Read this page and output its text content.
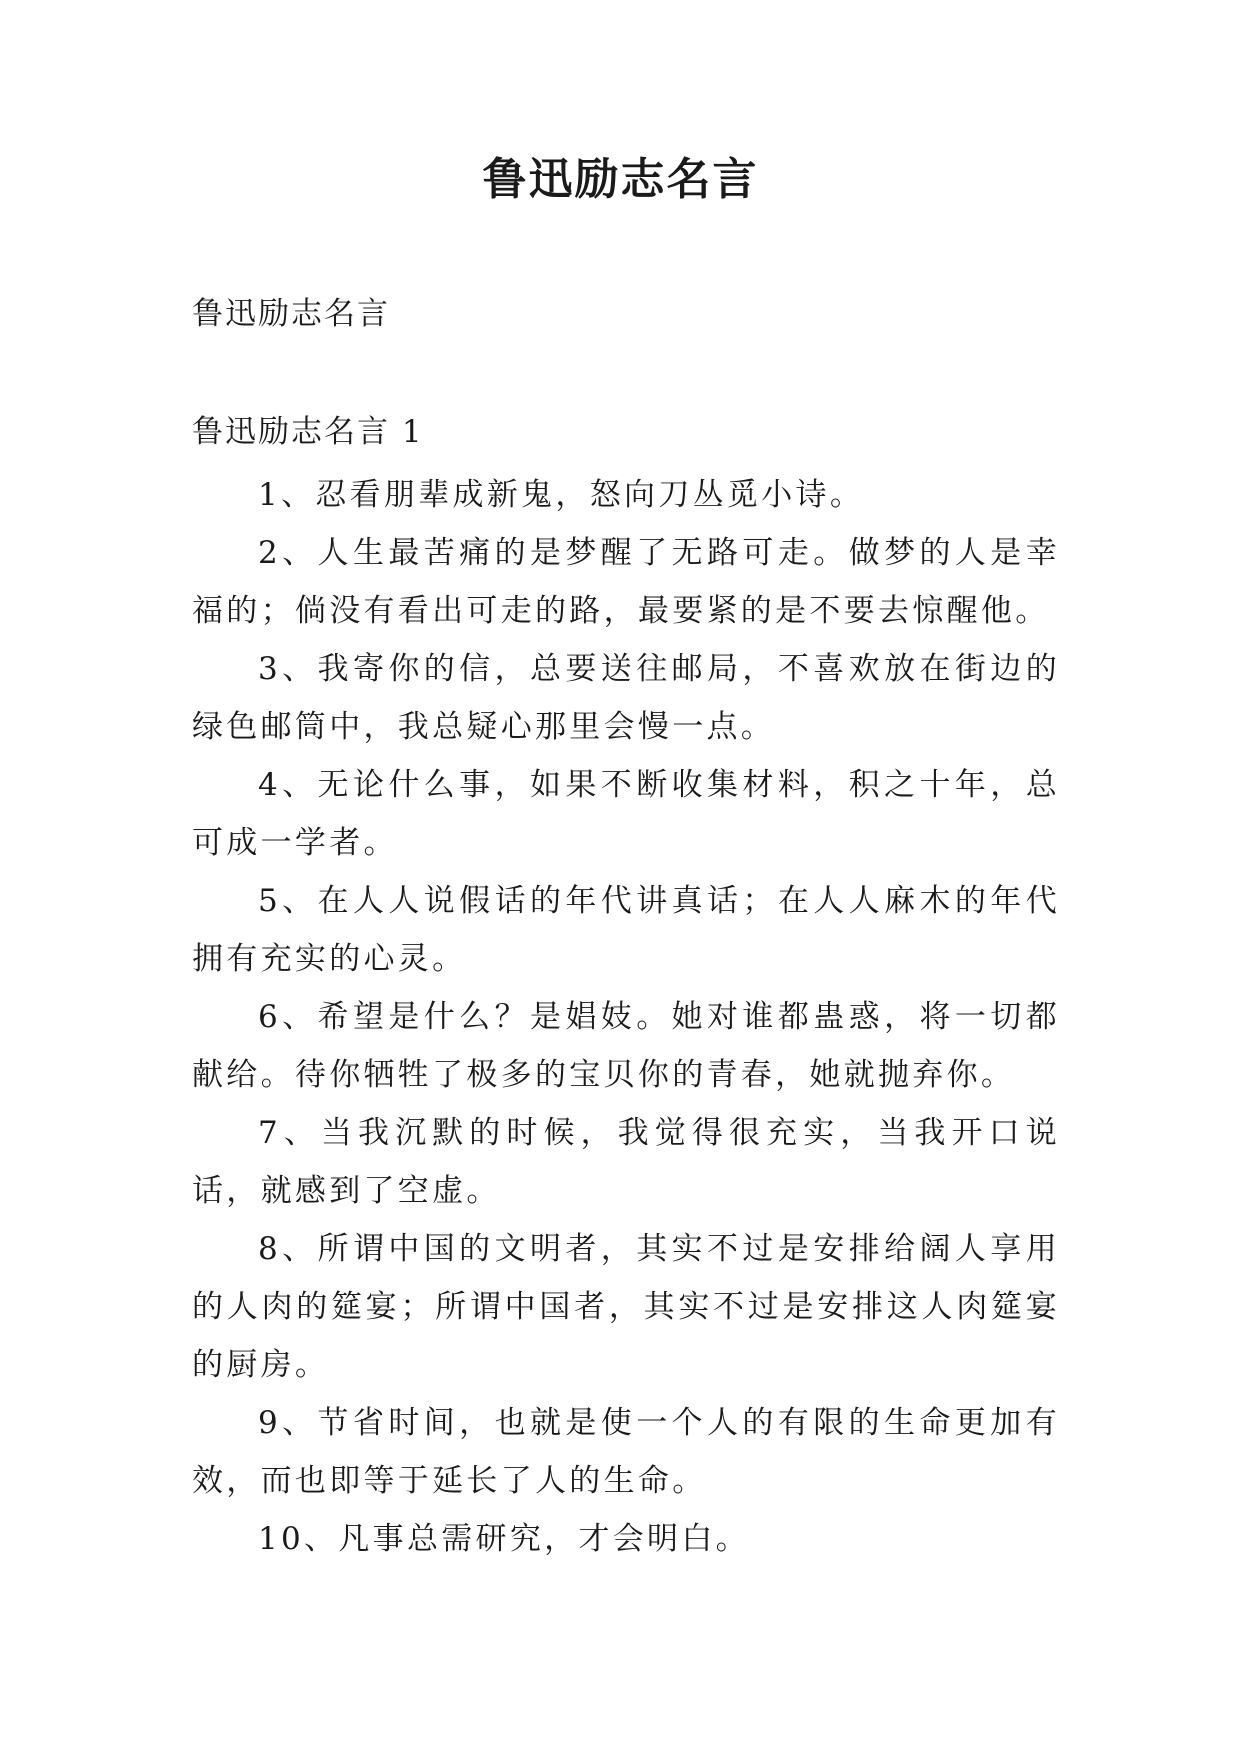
鲁迅励志名言

鲁迅励志名言

鲁迅励志名言 1

1、忍看朋辈成新鬼，怒向刀丛觅小诗。
2、人生最苦痛的是梦醒了无路可走。做梦的人是幸福的；倘没有看出可走的路，最要紧的是不要去惊醒他。
3、我寄你的信，总要送往邮局，不喜欢放在街边的绿色邮筒中，我总疑心那里会慢一点。
4、无论什么事，如果不断收集材料，积之十年，总可成一学者。
5、在人人说假话的年代讲真话；在人人麻木的年代拥有充实的心灵。
6、希望是什么？是娼妓。她对谁都蛊惑，将一切都献给。待你牺牲了极多的宝贝你的青春，她就抛弃你。
7、当我沉默的时候，我觉得很充实，当我开口说话，就感到了空虚。
8、所谓中国的文明者，其实不过是安排给阔人享用的人肉的筵宴；所谓中国者，其实不过是安排这人肉筵宴的厨房。
9、节省时间，也就是使一个人的有限的生命更加有效，而也即等于延长了人的生命。
10、凡事总需研究，才会明白。
